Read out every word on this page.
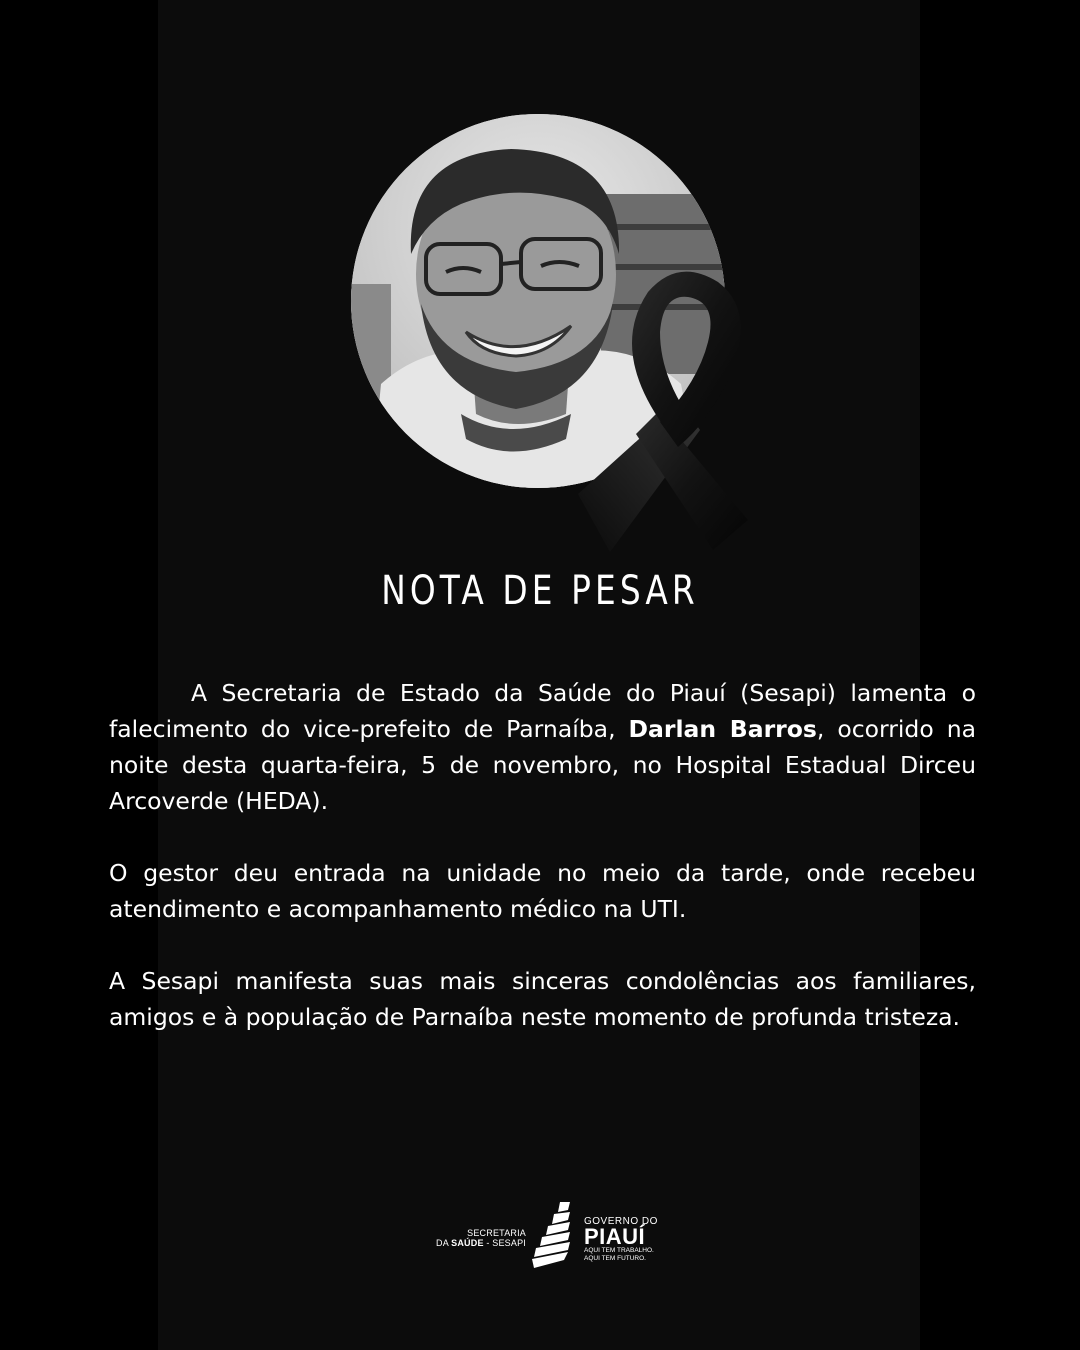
NOTA DE PESAR

A Secretaria de Estado da Saúde do Piauí (Sesapi) lamenta o falecimento do vice-prefeito de Parnaíba, Darlan Barros, ocorrido na noite desta quarta-feira, 5 de novembro, no Hospital Estadual Dirceu Arcoverde (HEDA).

O gestor deu entrada na unidade no meio da tarde, onde recebeu atendimento e acompanhamento médico na UTI.

A Sesapi manifesta suas mais sinceras condolências aos familiares, amigos e à população de Parnaíba neste momento de profunda tristeza.

SECRETARIA
DA SAÚDE - SESAPI
GOVERNO DO
PIAUÍ
AQUI TEM TRABALHO.
AQUI TEM FUTURO.
